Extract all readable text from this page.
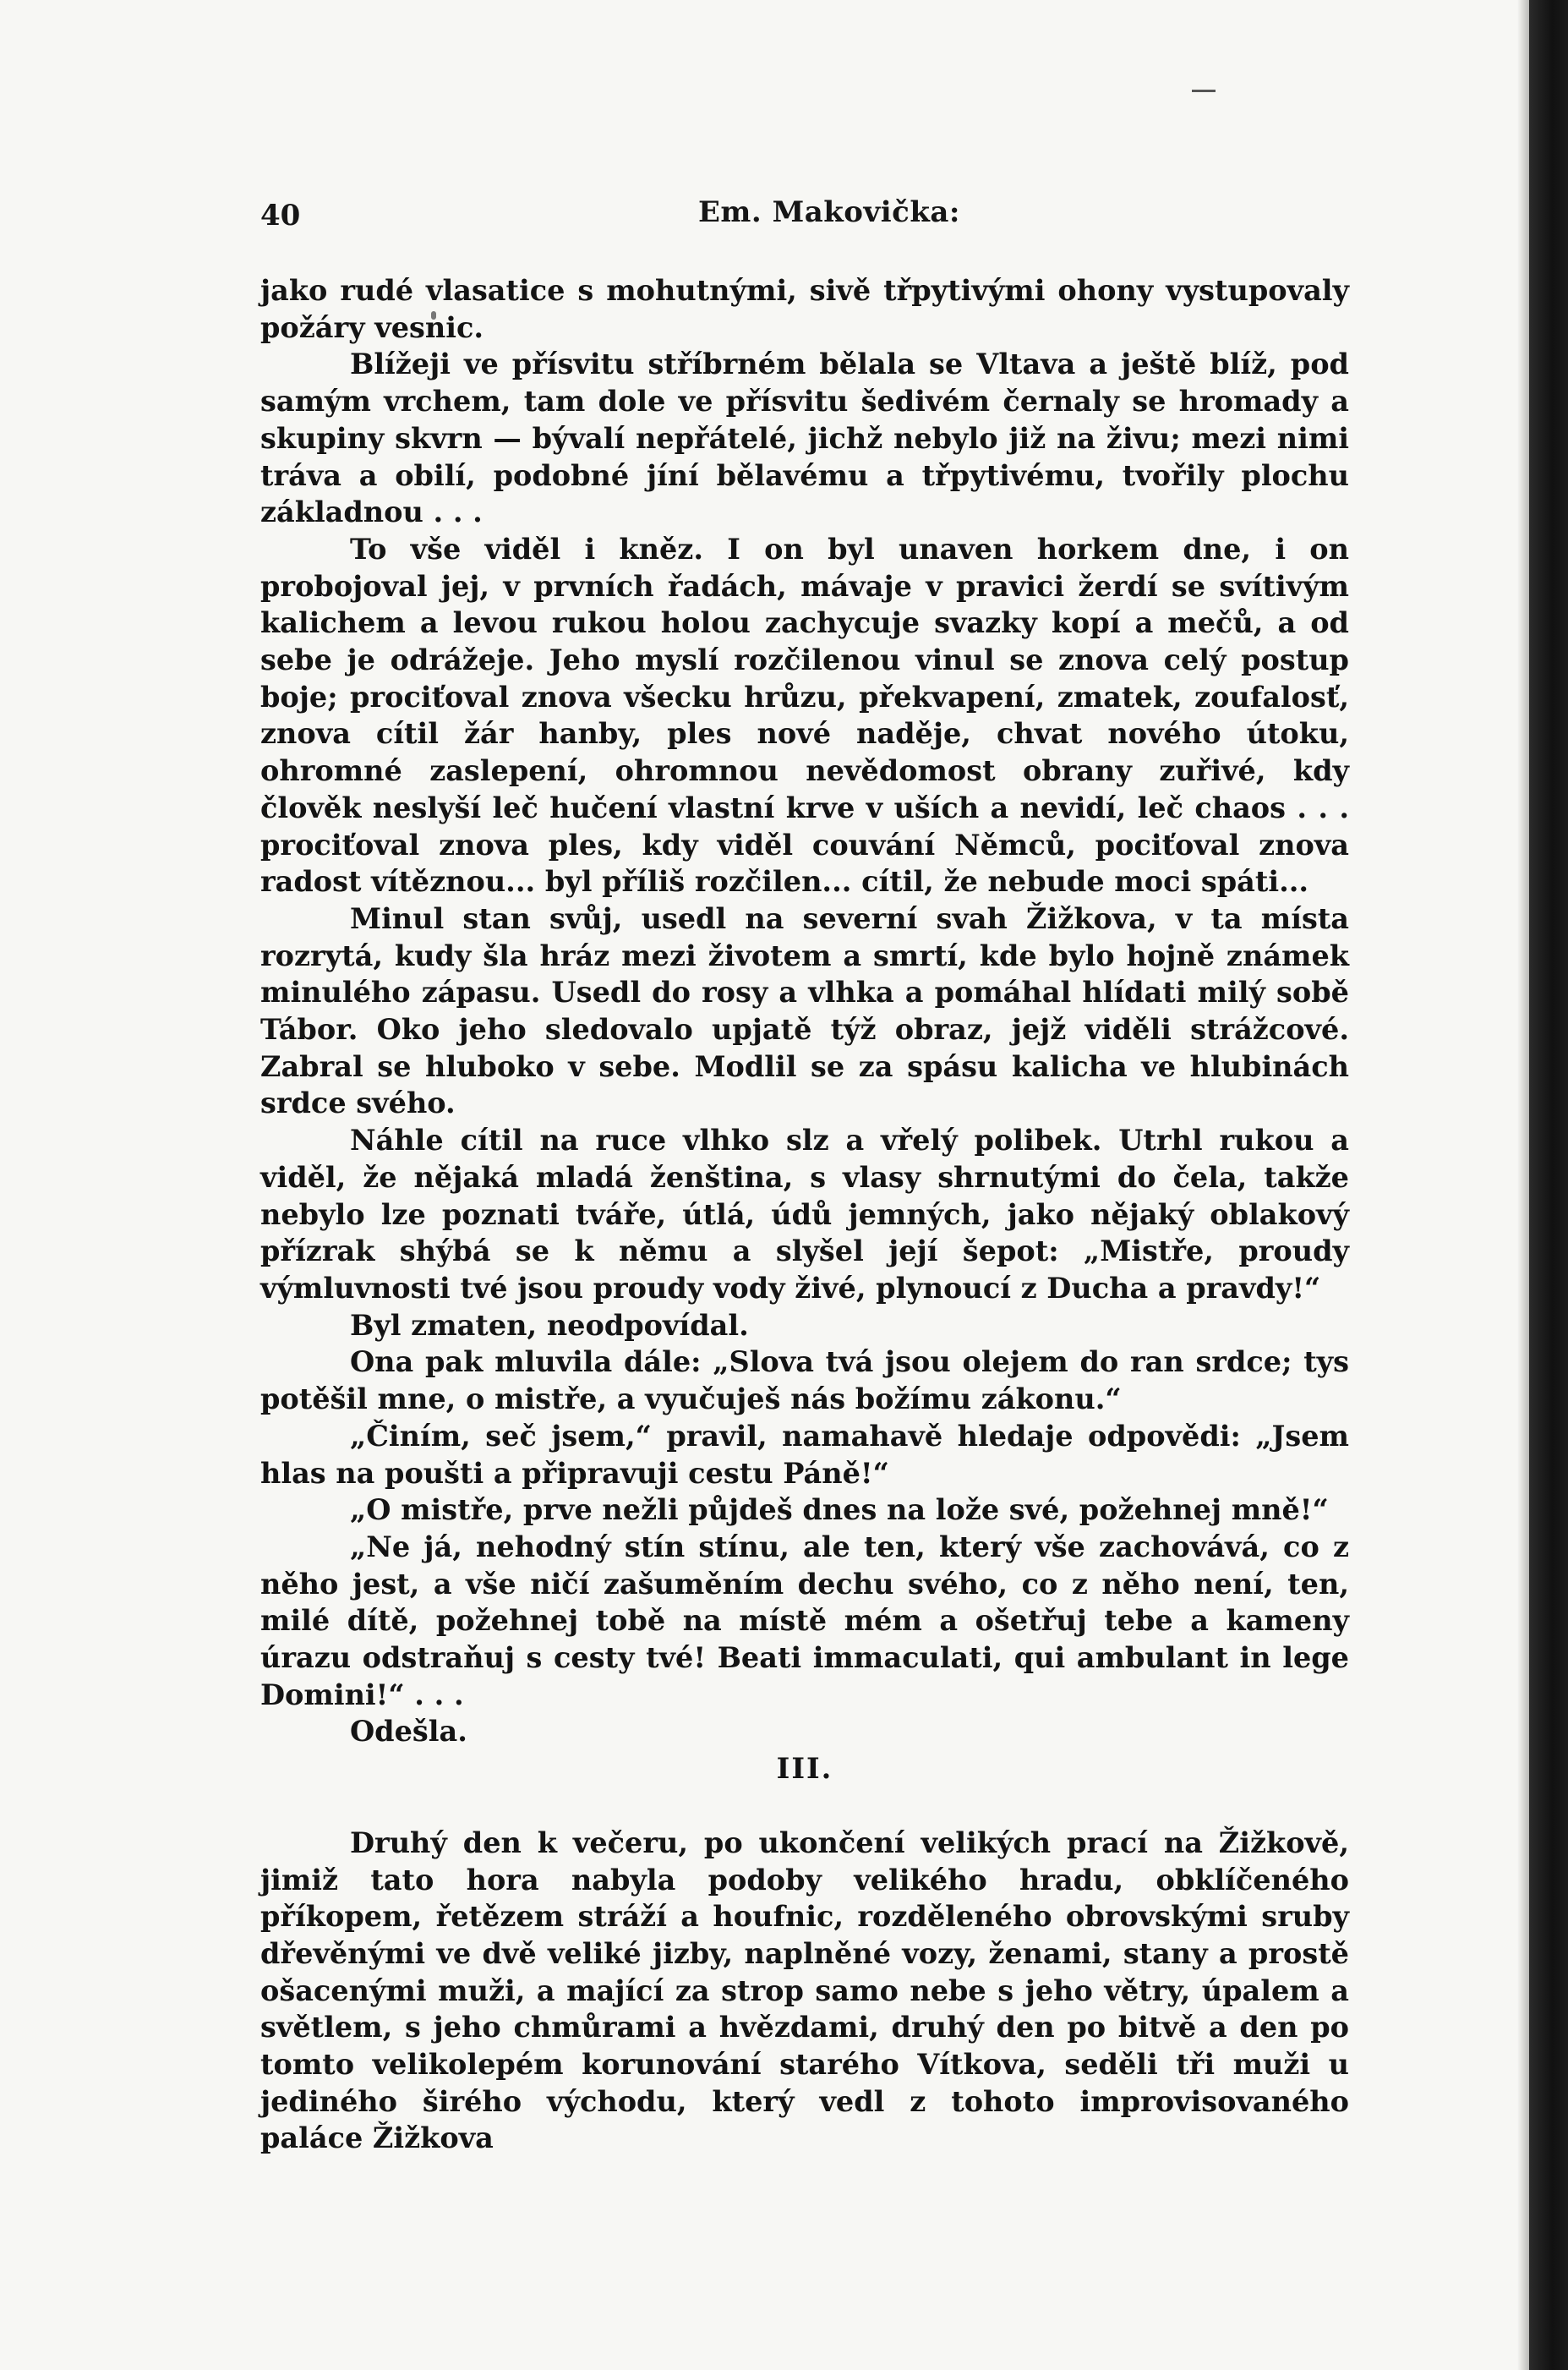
40	Em. Makovička:

jako rudé vlasatice s mohutnými, sivě třpytivými ohony vystupovaly požáry vesnic.

Blížeji ve přísvitu stříbrném bělala se Vltava a ještě blíž, pod samým vrchem, tam dole ve přísvitu šedivém černaly se hromady a skupiny skvrn — bývalí nepřátelé, jichž nebylo již na živu; mezi nimi tráva a obilí, podobné jíní bělavému a třpytivému, tvořily plochu základnou . . .

To vše viděl i kněz. I on byl unaven horkem dne, i on probojoval jej, v prvních řadách, mávaje v pravici žerdí se svítivým kalichem a levou rukou holou zachycuje svazky kopí a mečů, a od sebe je odrážeje. Jeho myslí rozčilenou vinul se znova celý postup boje; prociťoval znova všecku hrůzu, překvapení, zmatek, zoufalosť, znova cítil žár hanby, ples nové naděje, chvat nového útoku, ohromné zaslepení, ohromnou nevědomost obrany zuřivé, kdy člověk neslyší leč hučení vlastní krve v uších a nevidí, leč chaos . . . prociťoval znova ples, kdy viděl couvání Němců, pociťoval znova radost vítěznou... byl příliš rozčilen... cítil, že nebude moci spáti...

Minul stan svůj, usedl na severní svah Žižkova, v ta místa rozrytá, kudy šla hráz mezi životem a smrtí, kde bylo hojně známek minulého zápasu. Usedl do rosy a vlhka a pomáhal hlídati milý sobě Tábor. Oko jeho sledovalo upjatě týž obraz, jejž viděli strážcové. Zabral se hluboko v sebe. Modlil se za spásu kalicha ve hlubinách srdce svého.

Náhle cítil na ruce vlhko slz a vřelý polibek. Utrhl rukou a viděl, že nějaká mladá ženština, s vlasy shrnutými do čela, takže nebylo lze poznati tváře, útlá, údů jemných, jako nějaký oblakový přízrak shýbá se k němu a slyšel její šepot: „Mistře, proudy výmluvnosti tvé jsou proudy vody živé, plynoucí z Ducha a pravdy!“

Byl zmaten, neodpovídal.

Ona pak mluvila dále: „Slova tvá jsou olejem do ran srdce; tys potěšil mne, o mistře, a vyučuješ nás božímu zákonu.“

„Činím, seč jsem,“ pravil, namahavě hledaje odpovědi: „Jsem hlas na poušti a připravuji cestu Páně!“

„O mistře, prve nežli půjdeš dnes na lože své, požehnej mně!“

„Ne já, nehodný stín stínu, ale ten, který vše zachovává, co z něho jest, a vše ničí zašuměním dechu svého, co z něho není, ten, milé dítě, požehnej tobě na místě mém a ošetřuj tebe a kameny úrazu odstraňuj s cesty tvé! Beati immaculati, qui ambulant in lege Domini!“ . . .

Odešla.

III.

Druhý den k večeru, po ukončení velikých prací na Žižkově, jimiž tato hora nabyla podoby velikého hradu, obklíčeného příkopem, řetězem stráží a houfnic, rozděleného obrovskými sruby dřevěnými ve dvě veliké jizby, naplněné vozy, ženami, stany a prostě ošacenými muži, a mající za strop samo nebe s jeho větry, úpalem a světlem, s jeho chmůrami a hvězdami, druhý den po bitvě a den po tomto velikolepém korunování starého Vítkova, seděli tři muži u jediného širého východu, který vedl z tohoto improvisovaného paláce Žižkova
